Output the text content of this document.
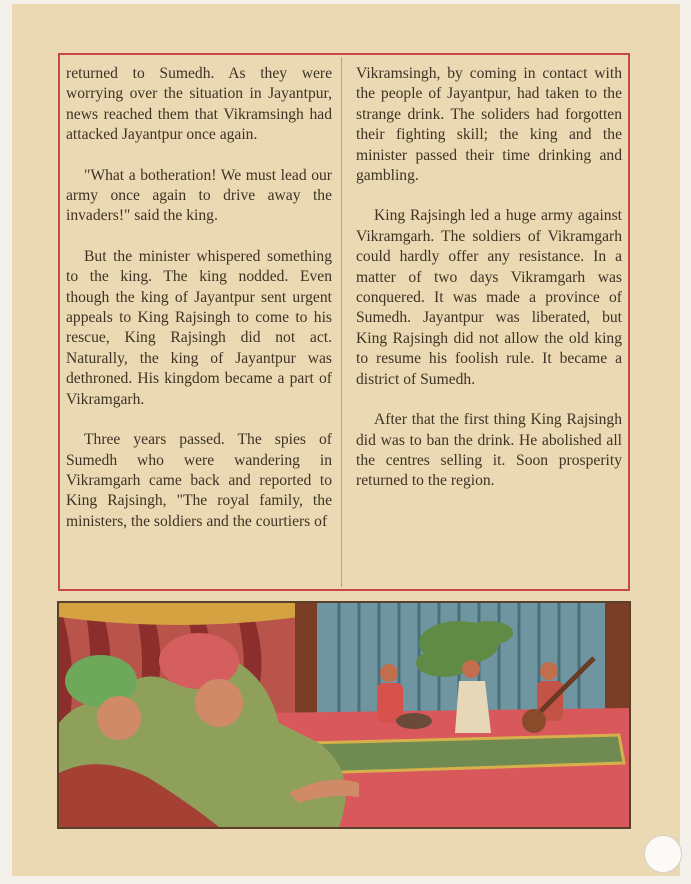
returned to Sumedh. As they were worrying over the situation in Jayantpur, news reached them that Vikramsingh had attacked Jayantpur once again.

"What a botheration! We must lead our army once again to drive away the invaders!" said the king.

But the minister whispered something to the king. The king nodded. Even though the king of Jayantpur sent urgent appeals to King Rajsingh to come to his rescue, King Rajsingh did not act. Naturally, the king of Jayantpur was dethroned. His kingdom became a part of Vikramgarh.

Three years passed. The spies of Sumedh who were wandering in Vikramgarh came back and reported to King Rajsingh, "The royal family, the ministers, the soldiers and the courtiers of

Vikramsingh, by coming in contact with the people of Jayantpur, had taken to the strange drink. The soliders had forgotten their fighting skill; the king and the minister passed their time drinking and gambling.

King Rajsingh led a huge army against Vikramgarh. The soldiers of Vikramgarh could hardly offer any resistance. In a matter of two days Vikramgarh was conquered. It was made a province of Sumedh. Jayantpur was liberated, but King Rajsingh did not allow the old king to resume his foolish rule. It became a district of Sumedh.

After that the first thing King Rajsingh did was to ban the drink. He abolished all the centres selling it. Soon prosperity returned to the region.
